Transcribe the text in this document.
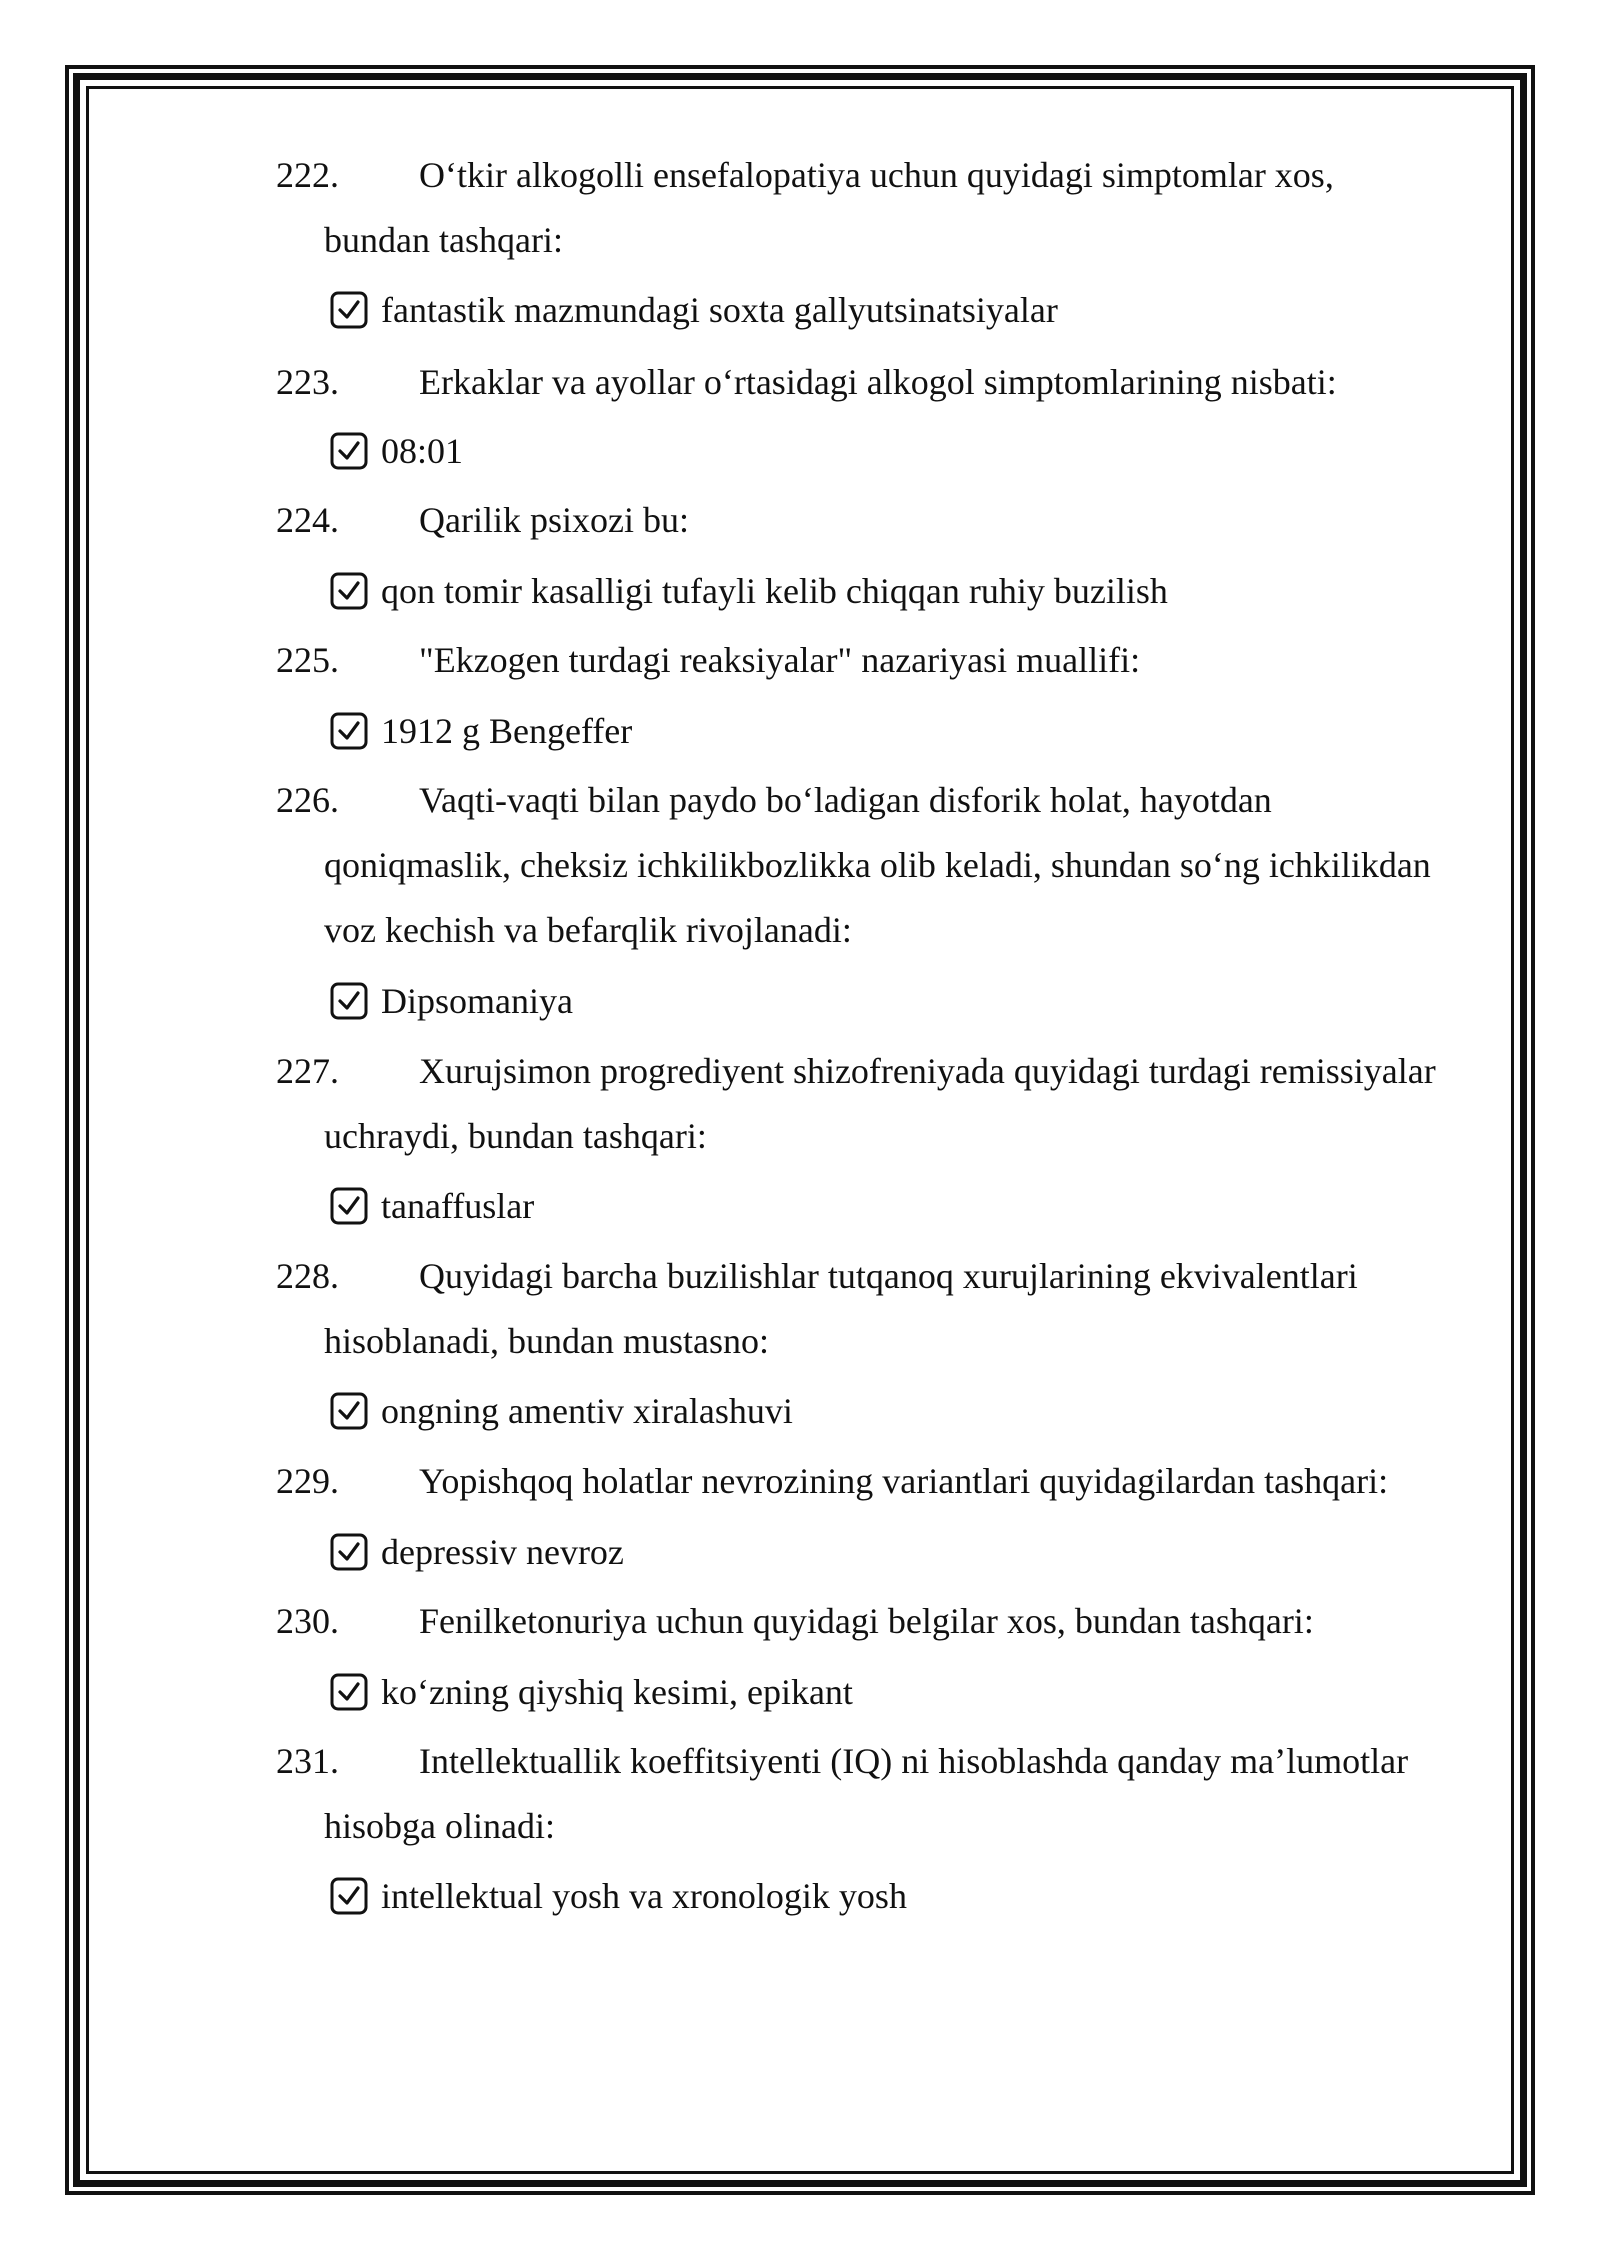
222.	O‘tkir alkogolli ensefalopatiya uchun quyidagi simptomlar xos,
bundan tashqari:
fantastik mazmundagi soxta gallyutsinatsiyalar
223.	Erkaklar va ayollar o‘rtasidagi alkogol simptomlarining nisbati:
08:01
224.	Qarilik psixozi bu:
qon tomir kasalligi tufayli kelib chiqqan ruhiy buzilish
225.	"Ekzogen turdagi reaksiyalar" nazariyasi muallifi:
1912 g Bengeffer
226.	Vaqti-vaqti bilan paydo bo‘ladigan disforik holat, hayotdan
qoniqmaslik, cheksiz ichkilikbozlikka olib keladi, shundan so‘ng ichkilikdan
voz kechish va befarqlik rivojlanadi:
Dipsomaniya
227.	Xurujsimon progrediyent shizofreniyada quyidagi turdagi remissiyalar
uchraydi, bundan tashqari:
tanaffuslar
228.	Quyidagi barcha buzilishlar tutqanoq xurujlarining ekvivalentlari
hisoblanadi, bundan mustasno:
ongning amentiv xiralashuvi
229.	Yopishqoq holatlar nevrozining variantlari quyidagilardan tashqari:
depressiv nevroz
230.	Fenilketonuriya uchun quyidagi belgilar xos, bundan tashqari:
ko‘zning qiyshiq kesimi, epikant
231.	Intellektuallik koeffitsiyenti (IQ) ni hisoblashda qanday ma’lumotlar
hisobga olinadi:
intellektual yosh va xronologik yosh
